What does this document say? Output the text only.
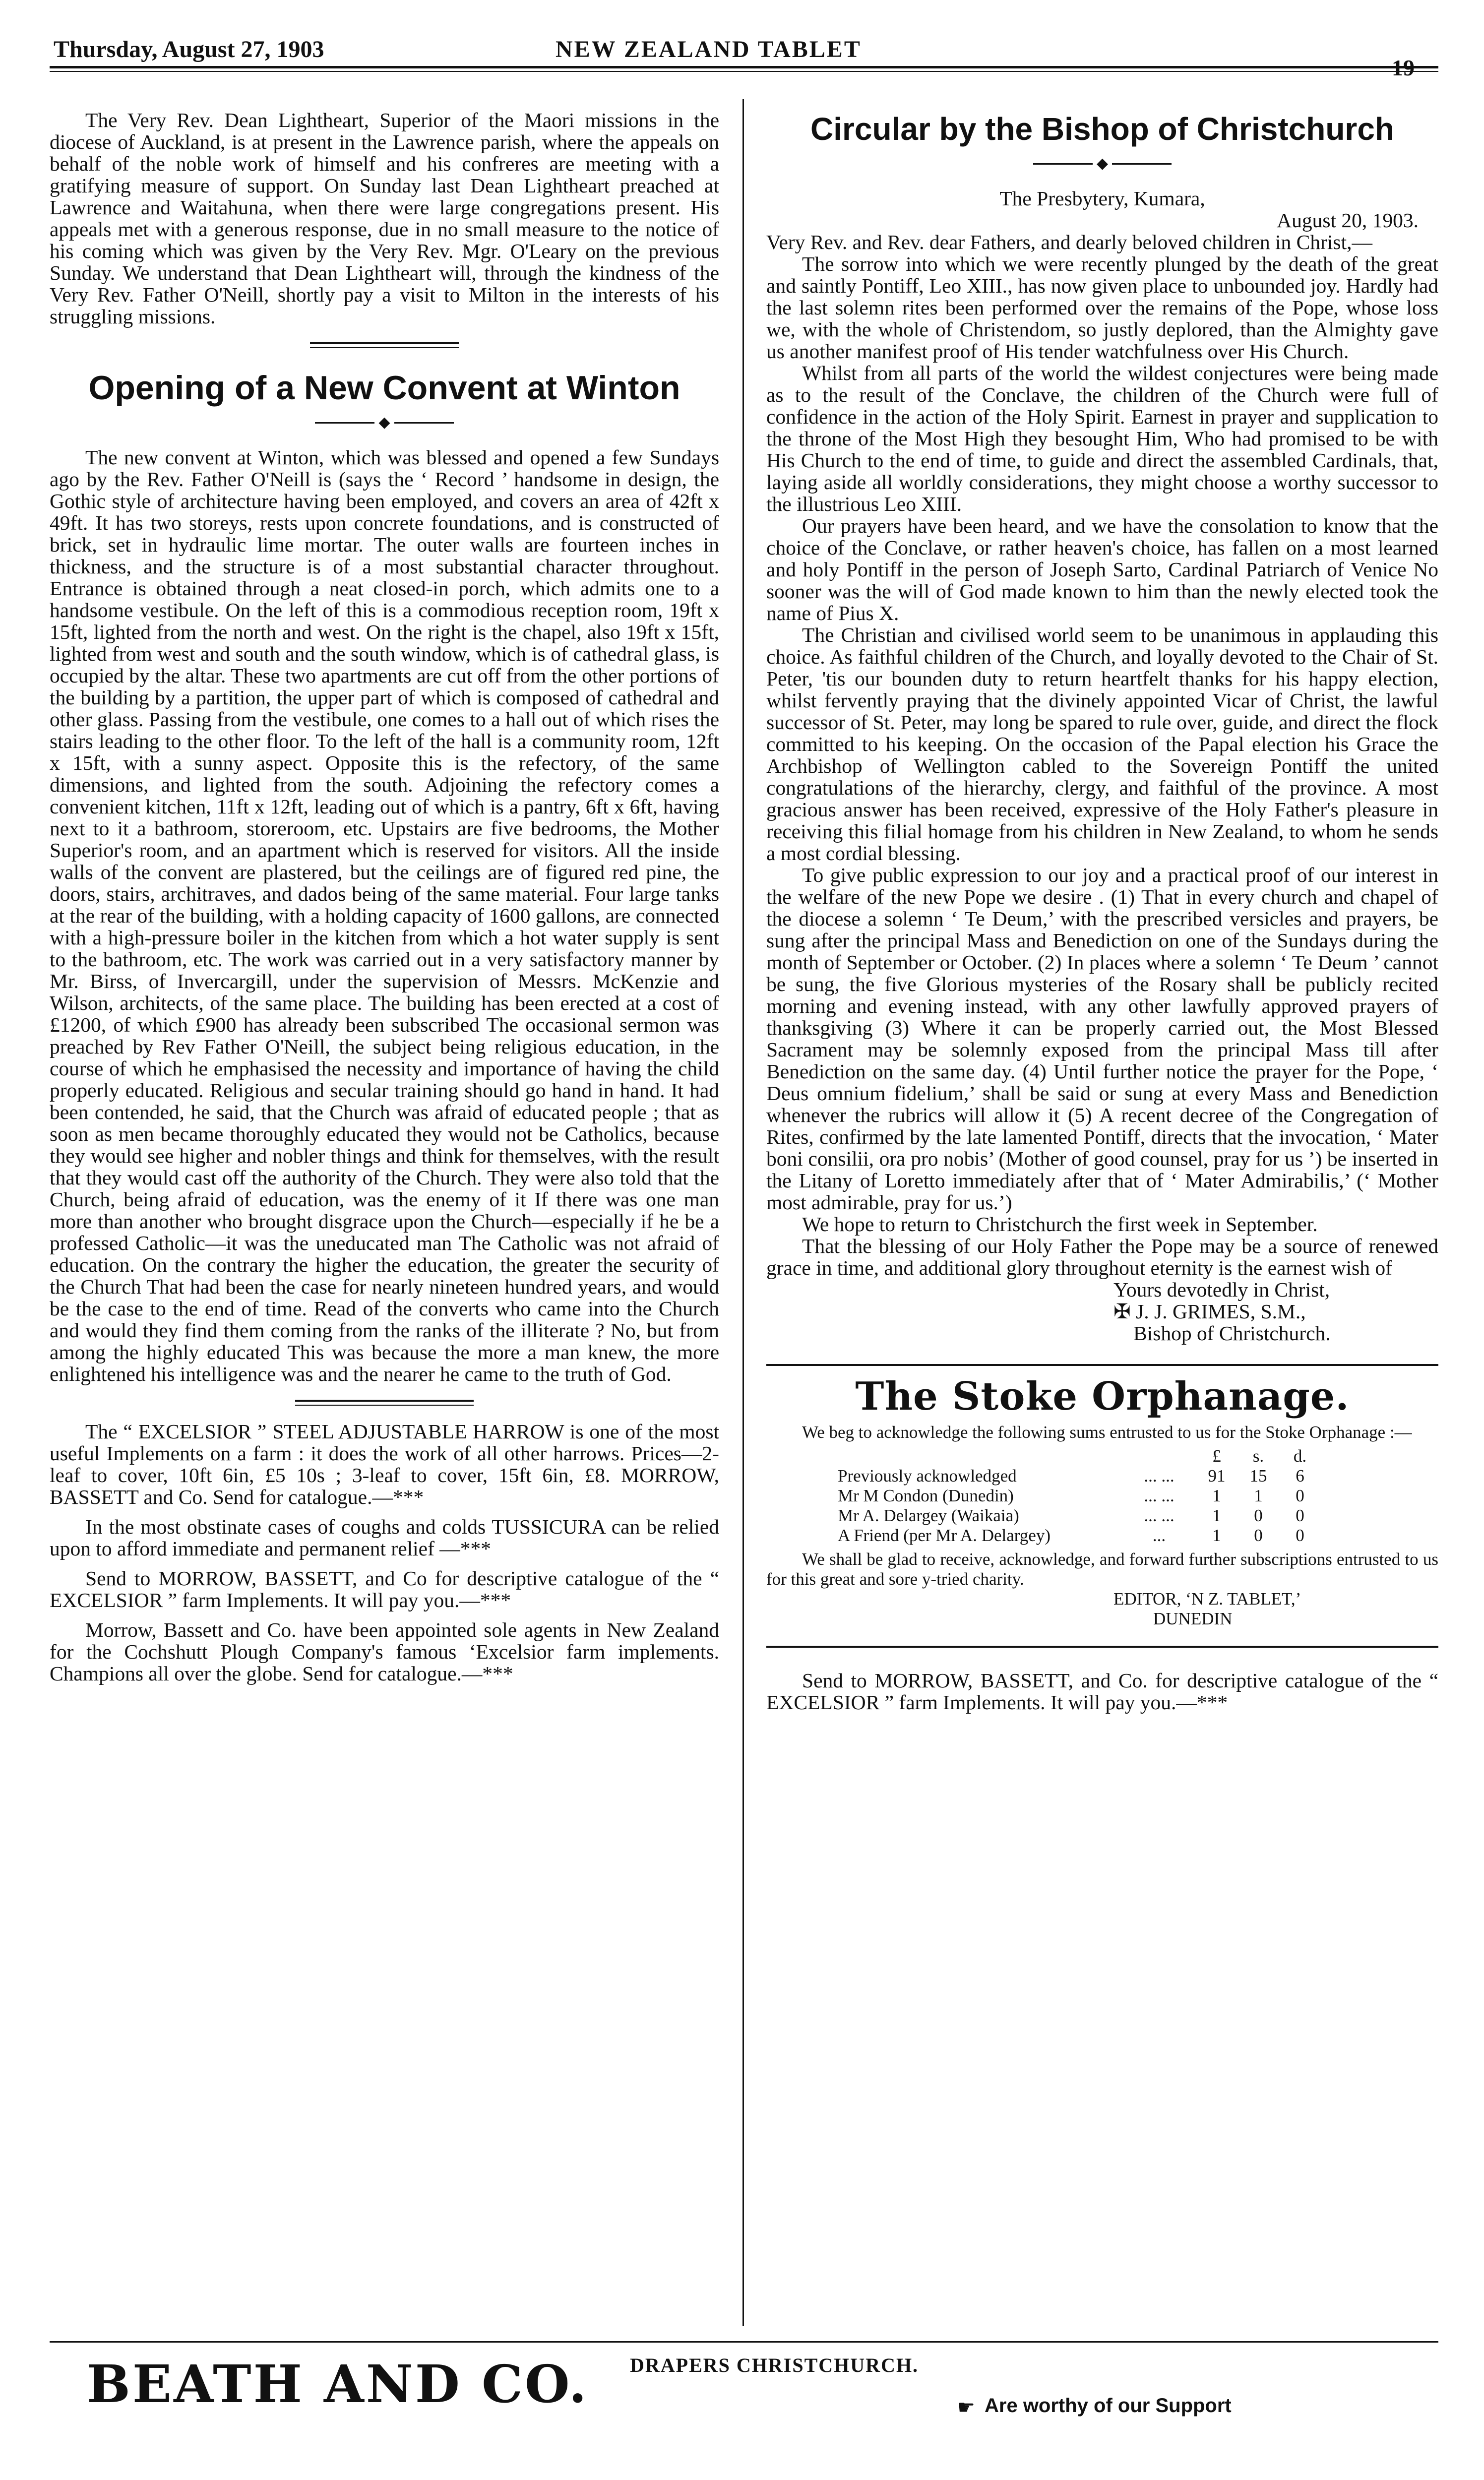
Thursday, August 27, 1903	NEW ZEALAND TABLET

The Very Rev. Dean Lightheart, Superior of the Maori missions in the diocese of Auckland, is at present in the Lawrence parish, where the appeals on behalf of the noble work of himself and his confreres are meeting with a gratifying measure of support. On Sunday last Dean Lightheart preached at Lawrence and Waitahuna, when there were large congregations present. His appeals met with a generous response, due in no small measure to the notice of his coming which was given by the Very Rev. Mgr. O'Leary on the previous Sunday. We understand that Dean Lightheart will, through the kindness of the Very Rev. Father O'Neill, shortly pay a visit to Milton in the interests of his struggling missions.

Opening of a New Convent at Winton
◆

The new convent at Winton, which was blessed and opened a few Sundays ago by the Rev. Father O'Neill is (says the ‘ Record ’ handsome in design, the Gothic style of architecture having been employed, and covers an area of 42ft x 49ft. It has two storeys, rests upon concrete foundations, and is constructed of brick, set in hydraulic lime mortar. The outer walls are fourteen inches in thickness, and the structure is of a most substantial character throughout. Entrance is obtained through a neat closed-in porch, which admits one to a handsome vestibule. On the left of this is a commodious reception room, 19ft x 15ft, lighted from the north and west. On the right is the chapel, also 19ft x 15ft, lighted from west and south and the south window, which is of cathedral glass, is occupied by the altar. These two apartments are cut off from the other portions of the building by a partition, the upper part of which is composed of cathedral and other glass. Passing from the vestibule, one comes to a hall out of which rises the stairs leading to the other floor. To the left of the hall is a community room, 12ft x 15ft, with a sunny aspect. Opposite this is the refectory, of the same dimensions, and lighted from the south. Adjoining the refectory comes a convenient kitchen, 11ft x 12ft, leading out of which is a pantry, 6ft x 6ft, having next to it a bathroom, storeroom, etc. Upstairs are five bedrooms, the Mother Superior's room, and an apartment which is reserved for visitors. All the inside walls of the convent are plastered, but the ceilings are of figured red pine, the doors, stairs, architraves, and dados being of the same material. Four large tanks at the rear of the building, with a holding capacity of 1600 gallons, are connected with a high-pressure boiler in the kitchen from which a hot water supply is sent to the bathroom, etc. The work was carried out in a very satisfactory manner by Mr. Birss, of Invercargill, under the supervision of Messrs. McKenzie and Wilson, architects, of the same place. The building has been erected at a cost of £1200, of which £900 has already been subscribed The occasional sermon was preached by Rev Father O'Neill, the subject being religious education, in the course of which he emphasised the necessity and importance of having the child properly educated. Religious and secular training should go hand in hand. It had been contended, he said, that the Church was afraid of educated people ; that as soon as men became thoroughly educated they would not be Catholics, because they would see higher and nobler things and think for themselves, with the result that they would cast off the authority of the Church. They were also told that the Church, being afraid of education, was the enemy of it If there was one man more than another who brought disgrace upon the Church—especially if he be a professed Catholic—it was the uneducated man The Catholic was not afraid of education. On the contrary the higher the education, the greater the security of the Church That had been the case for nearly nineteen hundred years, and would be the case to the end of time. Read of the converts who came into the Church and would they find them coming from the ranks of the illiterate ? No, but from among the highly educated This was because the more a man knew, the more enlightened his intelligence was and the nearer he came to the truth of God.

The “ EXCELSIOR ” STEEL ADJUSTABLE HARROW is one of the most useful Implements on a farm : it does the work of all other harrows. Prices—2-leaf to cover, 10ft 6in, £5 10s ; 3-leaf to cover, 15ft 6in, £8. MORROW, BASSETT and Co. Send for catalogue.—***

In the most obstinate cases of coughs and colds TUSSICURA can be relied upon to afford immediate and permanent relief —***

Send to MORROW, BASSETT, and Co for descriptive catalogue of the “ EXCELSIOR ” farm Implements. It will pay you.—***

Morrow, Bassett and Co. have been appointed sole agents in New Zealand for the Cochshutt Plough Company's famous ‘Excelsior farm implements. Champions all over the globe. Send for catalogue.—***

Circular by the Bishop of Christchurch
◆

The Presbytery, Kumara,

August 20, 1903.

Very Rev. and Rev. dear Fathers, and dearly beloved children in Christ,—

The sorrow into which we were recently plunged by the death of the great and saintly Pontiff, Leo XIII., has now given place to unbounded joy. Hardly had the last solemn rites been performed over the remains of the Pope, whose loss we, with the whole of Christendom, so justly deplored, than the Almighty gave us another manifest proof of His tender watchfulness over His Church.

Whilst from all parts of the world the wildest conjectures were being made as to the result of the Conclave, the children of the Church were full of confidence in the action of the Holy Spirit. Earnest in prayer and supplication to the throne of the Most High they besought Him, Who had promised to be with His Church to the end of time, to guide and direct the assembled Cardinals, that, laying aside all worldly considerations, they might choose a worthy successor to the illustrious Leo XIII.

Our prayers have been heard, and we have the consolation to know that the choice of the Conclave, or rather heaven's choice, has fallen on a most learned and holy Pontiff in the person of Joseph Sarto, Cardinal Patriarch of Venice No sooner was the will of God made known to him than the newly elected took the name of Pius X.

The Christian and civilised world seem to be unanimous in applauding this choice. As faithful children of the Church, and loyally devoted to the Chair of St. Peter, 'tis our bounden duty to return heartfelt thanks for his happy election, whilst fervently praying that the divinely appointed Vicar of Christ, the lawful successor of St. Peter, may long be spared to rule over, guide, and direct the flock committed to his keeping. On the occasion of the Papal election his Grace the Archbishop of Wellington cabled to the Sovereign Pontiff the united congratulations of the hierarchy, clergy, and faithful of the province. A most gracious answer has been received, expressive of the Holy Father's pleasure in receiving this filial homage from his children in New Zealand, to whom he sends a most cordial blessing.

To give public expression to our joy and a practical proof of our interest in the welfare of the new Pope we desire . (1) That in every church and chapel of the diocese a solemn ‘ Te Deum,’ with the prescribed versicles and prayers, be sung after the principal Mass and Benediction on one of the Sundays during the month of September or October. (2) In places where a solemn ‘ Te Deum ’ cannot be sung, the five Glorious mysteries of the Rosary shall be publicly recited morning and evening instead, with any other lawfully approved prayers of thanksgiving (3) Where it can be properly carried out, the Most Blessed Sacrament may be solemnly exposed from the principal Mass till after Benediction on the same day. (4) Until further notice the prayer for the Pope, ‘ Deus omnium fidelium,’ shall be said or sung at every Mass and Benediction whenever the rubrics will allow it (5) A recent decree of the Congregation of Rites, confirmed by the late lamented Pontiff, directs that the invocation, ‘ Mater boni consilii, ora pro nobis’ (Mother of good counsel, pray for us ’) be inserted in the Litany of Loretto immediately after that of ‘ Mater Admirabilis,’ (‘ Mother most admirable, pray for us.’)

We hope to return to Christchurch the first week in September.

That the blessing of our Holy Father the Pope may be a source of renewed grace in time, and additional glory throughout eternity is the earnest wish of

Yours devotedly in Christ,

✠ J. J. GRIMES, S.M.,

Bishop of Christchurch.

The Stoke Orphanage.

We beg to acknowledge the following sums entrusted to us for the Stoke Orphanage :—

		£	s.	d.
Previously acknowledged	... ...	91	15	6
Mr M Condon (Dunedin)	... ...	1	1	0
Mr A. Delargey (Waikaia)	... ...	1	0	0
A Friend (per Mr A. Delargey)	...	1	0	0

We shall be glad to receive, acknowledge, and forward further subscriptions entrusted to us for this great and sore y-tried charity.

EDITOR, ‘N Z. TABLET,’

DUNEDIN

Send to MORROW, BASSETT, and Co. for descriptive catalogue of the “ EXCELSIOR ” farm Implements. It will pay you.—***

BEATH AND CO. DRAPERS CHRISTCHURCH.
☛ Are worthy of our Support
